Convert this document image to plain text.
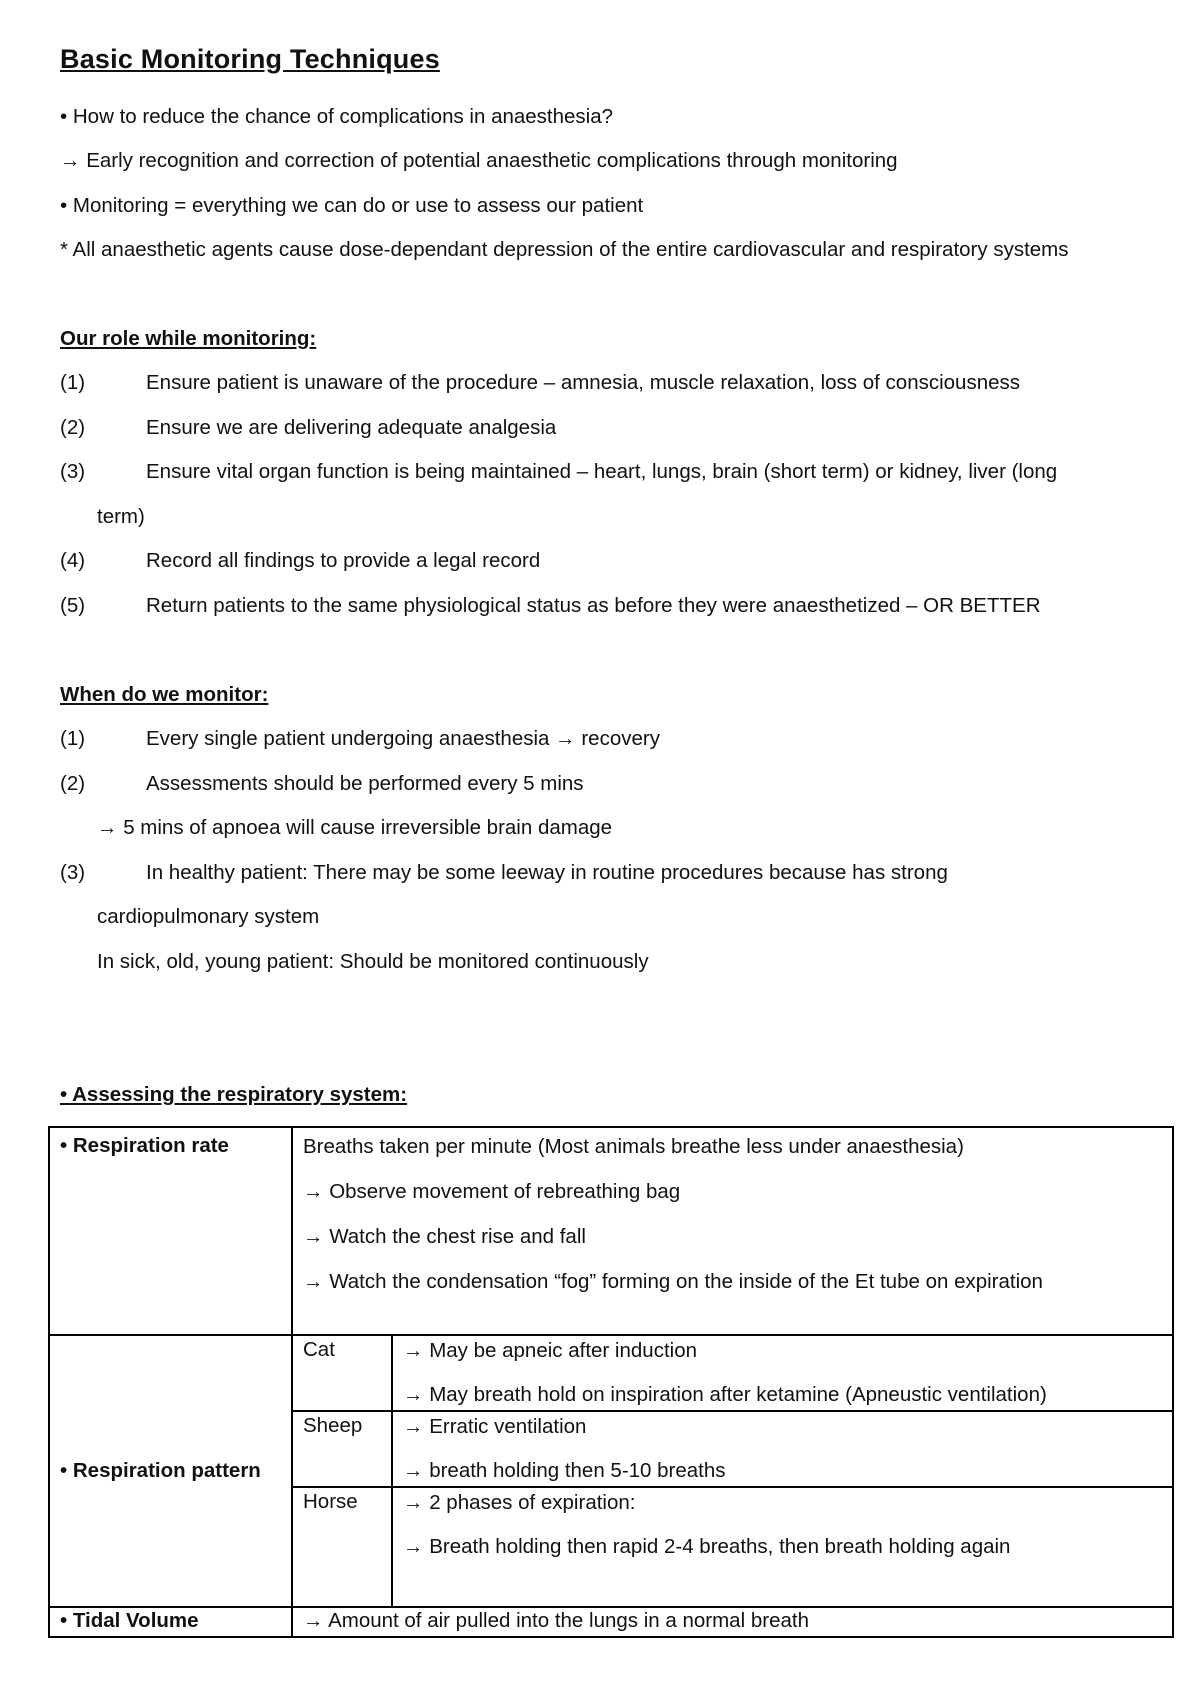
Basic Monitoring Techniques
• How to reduce the chance of complications in anaesthesia?
→ Early recognition and correction of potential anaesthetic complications through monitoring
• Monitoring = everything we can do or use to assess our patient
* All anaesthetic agents cause dose-dependant depression of the entire cardiovascular and respiratory systems
Our role while monitoring:
(1)	Ensure patient is unaware of the procedure – amnesia, muscle relaxation, loss of consciousness
(2)	Ensure we are delivering adequate analgesia
(3)	Ensure vital organ function is being maintained – heart, lungs, brain (short term) or kidney, liver (long
term)
(4)	Record all findings to provide a legal record
(5)	Return patients to the same physiological status as before they were anaesthetized – OR BETTER
When do we monitor:
(1)	Every single patient undergoing anaesthesia → recovery
(2)	Assessments should be performed every 5 mins
→ 5 mins of apnoea will cause irreversible brain damage
(3)	In healthy patient: There may be some leeway in routine procedures because has strong
cardiopulmonary system
In sick, old, young patient: Should be monitored continuously
• Assessing the respiratory system:
• Respiration rate	Breaths taken per minute (Most animals breathe less under anaesthesia)
→ Observe movement of rebreathing bag
→ Watch the chest rise and fall
→ Watch the condensation “fog” forming on the inside of the Et tube on expiration	

• Respiration pattern	Cat	→ May be apneic after induction
→ May breath hold on inspiration after ketamine (Apneustic ventilation)

	Sheep	→ Erratic ventilation
→ breath holding then 5-10 breaths

	Horse	→ 2 phases of expiration:
→ Breath holding then rapid 2-4 breaths, then breath holding again

• Tidal Volume	→ Amount of air pulled into the lungs in a normal breath	
